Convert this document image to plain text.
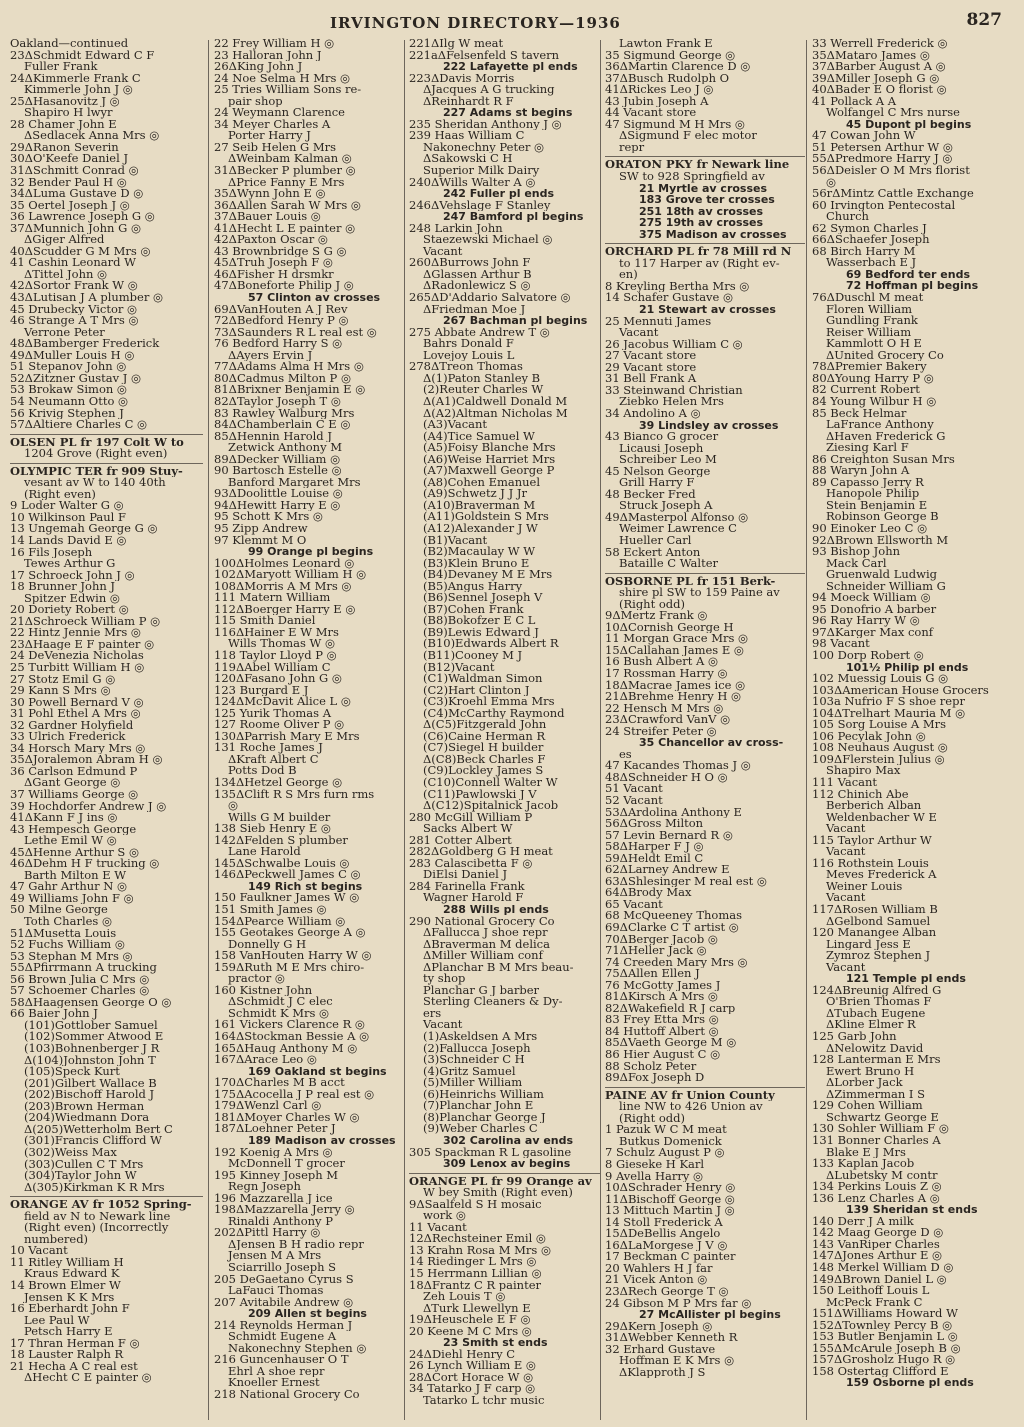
IRVINGTON DIRECTORY—1936	827
Oakland—continued
23ΔSchmidt Edward C F
Fuller Frank
24ΔKimmerle Frank C
Kimmerle John J ◎
25ΔHasanovitz J ◎
Shapiro H lwyr
28 Chamer John E
ΔSedlacek Anna Mrs ◎
29ΔRanon Severin
30ΔO'Keefe Daniel J
31ΔSchmitt Conrad ◎
32 Bender Paul H ◎
34ΔLuma Gustave D ◎
35 Oertel Joseph J ◎
36 Lawrence Joseph G ◎
37ΔMunnich John G ◎
ΔGiger Alfred
40ΔScudder G M Mrs ◎
41 Cashin Leonard W
ΔTittel John ◎
42ΔSortor Frank W ◎
43ΔLutisan J A plumber ◎
45 Drubecky Victor ◎
46 Strange A T Mrs ◎
Verrone Peter
48ΔBamberger Frederick
49ΔMuller Louis H ◎
51 Stepanov John ◎
52ΔZitzner Gustav J ◎
53 Brokaw Simon ◎
54 Neumann Otto ◎
56 Krivig Stephen J
57ΔAltiere Charles C ◎
OLSEN PL fr 197 Colt W to
1204 Grove (Right even)
OLYMPIC TER fr 909 Stuy-
vesant av W to 140 40th
(Right even)
9 Loder Walter G ◎
10 Wilkinson Paul F
13 Ungemah George G ◎
14 Lands David E ◎
16 Fils Joseph
Tewes Arthur G
17 Schroeck John J ◎
18 Brunner John J
Spitzer Edwin ◎
20 Doriety Robert ◎
21ΔSchroeck William P ◎
22 Hintz Jennie Mrs ◎
23ΔHaage E F painter ◎
24 DeVenezia Nicholas
25 Turbitt William H ◎
27 Stotz Emil G ◎
29 Kann S Mrs ◎
30 Powell Bernard V ◎
31 Pohl Ethel A Mrs ◎
32 Gardner Holyfield
33 Ulrich Frederick
34 Horsch Mary Mrs ◎
35ΔJoralemon Abram H ◎
36 Carlson Edmund P
ΔGant George ◎
37 Williams George ◎
39 Hochdorfer Andrew J ◎
41ΔKann F J ins ◎
43 Hempesch George
Lethe Emil W ◎
45ΔHenne Arthur S ◎
46ΔDehm H F trucking ◎
Barth Milton E W
47 Gahr Arthur N ◎
49 Williams John F ◎
50 Milne George
Toth Charles ◎
51ΔMusetta Louis
52 Fuchs William ◎
53 Stephan M Mrs ◎
55ΔPfirrmann A trucking
56 Brown Julia C Mrs ◎
57 Schoemer Charles ◎
58ΔHaagensen George O ◎
66 Baier John J
(101)Gottlober Samuel
(102)Sommer Atwood E
(103)Bohnenberger J R
Δ(104)Johnston John T
(105)Speck Kurt
(201)Gilbert Wallace B
(202)Bischoff Harold J
(203)Brown Herman
(204)Wiedmann Dora
Δ(205)Wetterholm Bert C
(301)Francis Clifford W
(302)Weiss Max
(303)Cullen C T Mrs
(304)Taylor John W
Δ(305)Kirkman K R Mrs
ORANGE AV fr 1052 Spring-
field av N to Newark line
(Right even) (Incorrectly
numbered)
10 Vacant
11 Ritley William H
Kraus Edward K
14 Brown Elmer W
Jensen K K Mrs
16 Eberhardt John F
Lee Paul W
Petsch Harry E
17 Thran Herman F ◎
18 Lauster Ralph R
21 Hecha A C real est
ΔHecht C E painter ◎
22 Frey William H ◎
23 Halloran John J
26ΔKing John J
24 Noe Selma H Mrs ◎
25 Tries William Sons re-
pair shop
24 Weymann Clarence
34 Meyer Charles A
Porter Harry J
27 Seib Helen G Mrs
ΔWeinbam Kalman ◎
31ΔBecker P plumber ◎
ΔPrice Fanny E Mrs
35ΔWynn John E ◎
36ΔAllen Sarah W Mrs ◎
37ΔBauer Louis ◎
41ΔHecht L E painter ◎
42ΔPaxton Oscar ◎
43 Brownbridge S G ◎
45ΔTruh Joseph F ◎
46ΔFisher H drsmkr
47ΔBoneforte Philip J ◎
57 Clinton av crosses
69ΔVanHouten A J Rev
72ΔBedford Henry P ◎
73ΔSaunders R L real est ◎
76 Bedford Harry S ◎
ΔAyers Ervin J
77ΔAdams Alma H Mrs ◎
80ΔCadmus Milton P ◎
81ΔBrixner Benjamin E ◎
82ΔTaylor Joseph T ◎
83 Rawley Walburg Mrs
84ΔChamberlain C E ◎
85ΔHennin Harold J
Zetwick Anthony M
89ΔDecker William ◎
90 Bartosch Estelle ◎
Banford Margaret Mrs
93ΔDoolittle Louise ◎
94ΔHewitt Harry E ◎
95 Schott K Mrs ◎
95 Zipp Andrew
97 Klemmt M O
99 Orange pl begins
100ΔHolmes Leonard ◎
102ΔMaryott William H ◎
108ΔMorris A M Mrs ◎
111 Matern William
112ΔBoerger Harry E ◎
115 Smith Daniel
116ΔHainer E W Mrs
Wills Thomas W ◎
118 Taylor Lloyd P ◎
119ΔAbel William C
120ΔFasano John G ◎
123 Burgard E J
124ΔMcDavit Alice L ◎
125 Yurik Thomas A
127 Roome Oliver P ◎
130ΔParrish Mary E Mrs
131 Roche James J
ΔKraft Albert C
Potts Dod B
134ΔHetzel George ◎
135ΔClift R S Mrs furn rms
◎
Wills G M builder
138 Sieb Henry E ◎
142ΔFelden S plumber
Lane Harold
145ΔSchwalbe Louis ◎
146ΔPeckwell James C ◎
149 Rich st begins
150 Faulkner James W ◎
151 Smith James ◎
154ΔPearce William ◎
155 Geotakes George A ◎
Donnelly G H
158 VanHouten Harry W ◎
159ΔRuth M E Mrs chiro-
practor ◎
160 Kistner John
ΔSchmidt J C elec
Schmidt K Mrs ◎
161 Vickers Clarence R ◎
164ΔStockman Bessie A ◎
165ΔHaug Anthony M ◎
167ΔArace Leo ◎
169 Oakland st begins
170ΔCharles M B acct
175ΔAcocella J P real est ◎
179ΔWenzl Carl ◎
181ΔMoyer Charles W ◎
187ΔLoehner Peter J
189 Madison av crosses
192 Koenig A Mrs ◎
McDonnell T grocer
195 Kinney Joseph M
Regn Joseph
196 Mazzarella J ice
198ΔMazzarella Jerry ◎
Rinaldi Anthony P
202ΔPittl Harry ◎
ΔJensen B H radio repr
Jensen M A Mrs
Sciarrillo Joseph S
205 DeGaetano Cyrus S
LaFauci Thomas
207 Avitabile Andrew ◎
209 Allen st begins
214 Reynolds Herman J
Schmidt Eugene A
Nakonechny Stephen ◎
216 Guncenhauser O T
Ehrl A shoe repr
Knoeller Ernest
218 National Grocery Co
221ΔIlg W meat
221aΔFelsenfeld S tavern
222 Lafayette pl ends
223ΔDavis Morris
ΔJacques A G trucking
ΔReinhardt R F
227 Adams st begins
235 Sheridan Anthony J ◎
239 Haas William C
Nakonechny Peter ◎
ΔSakowski C H
Superior Milk Dairy
240ΔWills Walter A ◎
242 Fuller pl ends
246ΔVehslage F Stanley
247 Bamford pl begins
248 Larkin John
Staezewski Michael ◎
Vacant
260ΔBurrows John F
ΔGlassen Arthur B
ΔRadonlewicz S ◎
265ΔD'Addario Salvatore ◎
ΔFriedman Moe J
267 Bachman pl begins
275 Abbate Andrew T ◎
Bahrs Donald F
Lovejoy Louis L
278ΔTreon Thomas
Δ(1)Paton Stanley B
(2)Reuter Charles W
Δ(A1)Caldwell Donald M
Δ(A2)Altman Nicholas M
(A3)Vacant
(A4)Tice Samuel W
(A5)Foisy Blanche Mrs
(A6)Weise Harriet Mrs
(A7)Maxwell George P
(A8)Cohen Emanuel
(A9)Schwetz J J Jr
(A10)Braverman M
(A11)Goldstein S Mrs
(A12)Alexander J W
(B1)Vacant
(B2)Macaulay W W
(B3)Klein Bruno E
(B4)Devaney M E Mrs
(B5)Angus Harry
(B6)Sennel Joseph V
(B7)Cohen Frank
(B8)Bokofzer E C L
(B9)Lewis Edward J
(B10)Edwards Albert R
(B11)Cooney M J
(B12)Vacant
(C1)Waldman Simon
(C2)Hart Clinton J
(C3)Kroehl Emma Mrs
(C4)McCarthy Raymond
Δ(C5)Fitzgerald John
(C6)Caine Herman R
(C7)Siegel H builder
Δ(C8)Beck Charles F
(C9)Lockley James S
(C10)Connell Walter W
(C11)Pawlowski J V
Δ(C12)Spitalnick Jacob
280 McGill William P
Sacks Albert W
281 Cotter Albert
282ΔGoldberg G H meat
283 Calascibetta F ◎
DiElsi Daniel J
284 Farinella Frank
Wagner Harold F
288 Wills pl ends
290 National Grocery Co
ΔFallucca J shoe repr
ΔBraverman M delica
ΔMiller William conf
ΔPlanchar B M Mrs beau-
ty shop
Planchar G J barber
Sterling Cleaners & Dy-
ers
Vacant
(1)Askeldsen A Mrs
(2)Fallucca Joseph
(3)Schneider C H
(4)Gritz Samuel
(5)Miller William
(6)Heinrichs William
(7)Planchar John E
(8)Planchar George J
(9)Weber Charles C
302 Carolina av ends
305 Spackman R L gasoline
309 Lenox av begins
ORANGE PL fr 99 Orange av
W bey Smith (Right even)
9ΔSaalfeld S H mosaic
work ◎
11 Vacant
12ΔRechsteiner Emil ◎
13 Krahn Rosa M Mrs ◎
14 Riedinger L Mrs ◎
15 Herrmann Lillian ◎
18ΔFrantz C R painter
Zeh Louis T ◎
ΔTurk Llewellyn E
19ΔHeuschele E F ◎
20 Keene M C Mrs ◎
23 Smith st ends
24ΔDiehl Henry C
26 Lynch William E ◎
28ΔCort Horace W ◎
34 Tatarko J F carp ◎
Tatarko L tchr music
Lawton Frank E
35 Sigmund George ◎
36ΔMartin Clarence D ◎
37ΔBusch Rudolph O
41ΔRickes Leo J ◎
43 Jubin Joseph A
44 Vacant store
47 Sigmund M H Mrs ◎
ΔSigmund F elec motor
repr
ORATON PKY fr Newark line
SW to 928 Springfield av
21 Myrtle av crosses
183 Grove ter crosses
251 18th av crosses
275 19th av crosses
375 Madison av crosses
ORCHARD PL fr 78 Mill rd N
to 117 Harper av (Right ev-
en)
8 Kreyling Bertha Mrs ◎
14 Schafer Gustave ◎
21 Stewart av crosses
25 Mennuti James
Vacant
26 Jacobus William C ◎
27 Vacant store
29 Vacant store
31 Bell Frank A
33 Steinwand Christian
Ziebko Helen Mrs
34 Andolino A ◎
39 Lindsley av crosses
43 Bianco G grocer
Licausi Joseph
Schreiber Leo M
45 Nelson George
Grill Harry F
48 Becker Fred
Struck Joseph A
49ΔMasterpol Alfonso ◎
Weimer Lawrence C
Hueller Carl
58 Eckert Anton
Bataille C Walter
OSBORNE PL fr 151 Berk-
shire pl SW to 159 Paine av
(Right odd)
9ΔMertz Frank ◎
10ΔCornish George H
11 Morgan Grace Mrs ◎
15ΔCallahan James E ◎
16 Bush Albert A ◎
17 Rossman Harry ◎
18ΔMacrae James ice ◎
21ΔBrehme Henry H ◎
22 Hensch M Mrs ◎
23ΔCrawford VanV ◎
24 Streifer Peter ◎
35 Chancellor av cross-
es
47 Kacandes Thomas J ◎
48ΔSchneider H O ◎
51 Vacant
52 Vacant
53ΔArdolina Anthony E
56ΔGross Milton
57 Levin Bernard R ◎
58ΔHarper F J ◎
59ΔHeldt Emil C
62ΔLarney Andrew E
63ΔShlesinger M real est ◎
64ΔBrody Max
65 Vacant
68 McQueeney Thomas
69ΔClarke C T artist ◎
70ΔBerger Jacob ◎
71ΔHeller Jack ◎
74 Creeden Mary Mrs ◎
75ΔAllen Ellen J
76 McGotty James J
81ΔKirsch A Mrs ◎
82ΔWakefield R J carp
83 Frey Etta Mrs ◎
84 Huttoff Albert ◎
85ΔVaeth George M ◎
86 Hier August C ◎
88 Scholz Peter
89ΔFox Joseph D
PAINE AV fr Union County
line NW to 426 Union av
(Right odd)
1 Pazuk W C M meat
Butkus Domenick
7 Schulz August P ◎
8 Gieseke H Karl
9 Avella Harry ◎
10ΔSchrader Henry ◎
11ΔBischoff George ◎
13 Mittuch Martin J ◎
14 Stoll Frederick A
15ΔDeBellis Angelo
16ΔLaMorgese J V ◎
17 Beckman C painter
20 Wahlers H J far
21 Vicek Anton ◎
23ΔRech George T ◎
24 Gibson M P Mrs far ◎
27 McAllister pl begins
29ΔKern Joseph ◎
31ΔWebber Kenneth R
32 Erhard Gustave
Hoffman E K Mrs ◎
ΔKlapproth J S
33 Werrell Frederick ◎
35ΔMataro James ◎
37ΔBarber August A ◎
39ΔMiller Joseph G ◎
40ΔBader E O florist ◎
41 Pollack A A
Wolfangel C Mrs nurse
45 Dupont pl begins
47 Cowan John W
51 Petersen Arthur W ◎
55ΔPredmore Harry J ◎
56ΔDeisler O M Mrs florist
◎
56rΔMintz Cattle Exchange
60 Irvington Pentecostal
Church
62 Symon Charles J
66ΔSchaefer Joseph
68 Birch Harry M
Wasserbach E J
69 Bedford ter ends
72 Hoffman pl begins
76ΔDuschl M meat
Floren William
Gundling Frank
Reiser William
Kammlott O H E
ΔUnited Grocery Co
78ΔPremier Bakery
80ΔYoung Harry P ◎
82 Current Robert
84 Young Wilbur H ◎
85 Beck Helmar
LaFrance Anthony
ΔHaven Frederick G
Ziesing Karl F
86 Creighton Susan Mrs
88 Waryn John A
89 Capasso Jerry R
Hanopole Philip
Stein Benjamin E
Robinson George B
90 Einoker Leo C ◎
92ΔBrown Ellsworth M
93 Bishop John
Mack Carl
Gruenwald Ludwig
Schneider William G
94 Moeck William ◎
95 Donofrio A barber
96 Ray Harry W ◎
97ΔKarger Max conf
98 Vacant
100 Dorp Robert ◎
101½ Philip pl ends
102 Muessig Louis G ◎
103ΔAmerican House Grocers
103a Nufrio F S shoe repr
104ΔTrelhart Mauria M ◎
105 Sorg Louise A Mrs
106 Pecylak John ◎
108 Neuhaus August ◎
109ΔFlerstein Julius ◎
Shapiro Max
111 Vacant
112 Chinich Abe
Berberich Alban
Weldenbacher W E
Vacant
115 Taylor Arthur W
Vacant
116 Rothstein Louis
Meves Frederick A
Weiner Louis
Vacant
117ΔRosen William B
ΔGelbond Samuel
120 Manangee Alban
Lingard Jess E
Zymroz Stephen J
Vacant
121 Temple pl ends
124ΔBreunig Alfred G
O'Brien Thomas F
ΔTubach Eugene
ΔKline Elmer R
125 Garb John
ΔNelowitz David
128 Lanterman E Mrs
Ewert Bruno H
ΔLorber Jack
ΔZimmerman I S
129 Cohen William
Schwartz George E
130 Sohler William F ◎
131 Bonner Charles A
Blake E J Mrs
133 Kaplan Jacob
ΔLubetsky M contr
134 Perkins Louis Z ◎
136 Lenz Charles A ◎
139 Sheridan st ends
140 Derr J A milk
142 Maag George D ◎
143 VanRiper Charles
147ΔJones Arthur E ◎
148 Merkel William D ◎
149ΔBrown Daniel L ◎
150 Leithoff Louis L
McPeck Frank C
151ΔWilliams Howard W
152ΔTownley Percy B ◎
153 Butler Benjamin L ◎
155ΔMcArule Joseph B ◎
157ΔGrosholz Hugo R ◎
158 Ostertag Clifford E
159 Osborne pl ends
